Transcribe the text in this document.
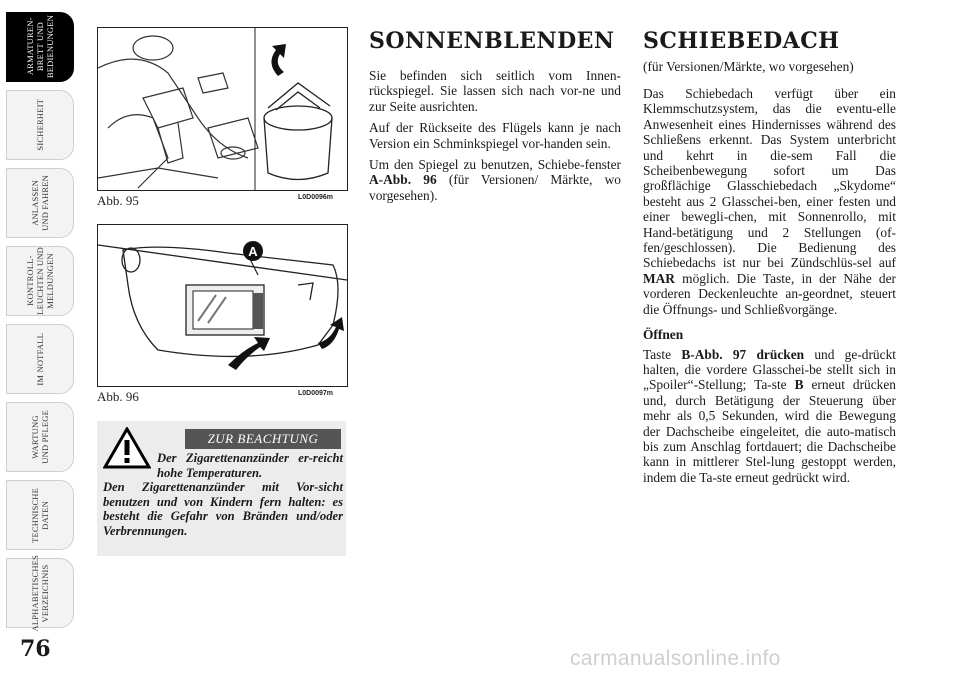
ARMATUREN-
BRETT UND
BEDIENUNGEN
SICHERHEIT
ANLASSEN
UND FAHREN
KONTROLL-
LEUCHTEN UND
MELDUNGEN
IM NOTFALL
WARTUNG
UND PFLEGE
TECHNISCHE
DATEN
ALPHABETISCHES
VERZEICHNIS
76
Abb. 95	L0D0096m
A
Abb. 96	L0D0097m
ZUR BEACHTUNG
Der Zigarettenanzünder er-reicht hohe Temperaturen.
Den Zigarettenanzünder mit Vor-sicht benutzen und von Kindern fern halten: es besteht die Gefahr von Bränden und/oder Verbrennungen.
SONNENBLENDEN

Sie befinden sich seitlich vom Innen-rückspiegel. Sie lassen sich nach vor-ne und zur Seite ausrichten.

Auf der Rückseite des Flügels kann je nach Version ein Schminkspiegel vor-handen sein.

Um den Spiegel zu benutzen, Schiebe-fenster A-Abb. 96 (für Versionen/ Märkte, wo vorgesehen).

SCHIEBEDACH

(für Versionen/Märkte, wo vorgesehen)

Das Schiebedach verfügt über ein Klemmschutzsystem, das die eventu-elle Anwesenheit eines Hindernisses während des Schließens erkennt. Das System unterbricht und kehrt in die-sem Fall die Scheibenbewegung sofort um Das großflächige Glasschiebedach „Skydome“ besteht aus 2 Glasschei-ben, einer festen und einer bewegli-chen, mit Sonnenrollo, mit Hand-betätigung und 2 Stellungen (of-fen/geschlossen). Die Bedienung des Schiebedachs ist nur bei Zündschlüs-sel auf MAR möglich. Die Taste, in der Nähe der vorderen Deckenleuchte an-geordnet, steuert die Öffnungs- und Schließvorgänge.

Öffnen

Taste B-Abb. 97 drücken und ge-drückt halten, die vordere Glasschei-be stellt sich in „Spoiler“-Stellung; Ta-ste B erneut drücken und, durch Betätigung der Steuerung über mehr als 0,5 Sekunden, wird die Bewegung der Dachscheibe eingeleitet, die auto-matisch bis zum Anschlag fortdauert; die Dachscheibe kann in mittlerer Stel-lung gestoppt werden, indem die Ta-ste erneut gedrückt wird.

carmanualsonline.info
